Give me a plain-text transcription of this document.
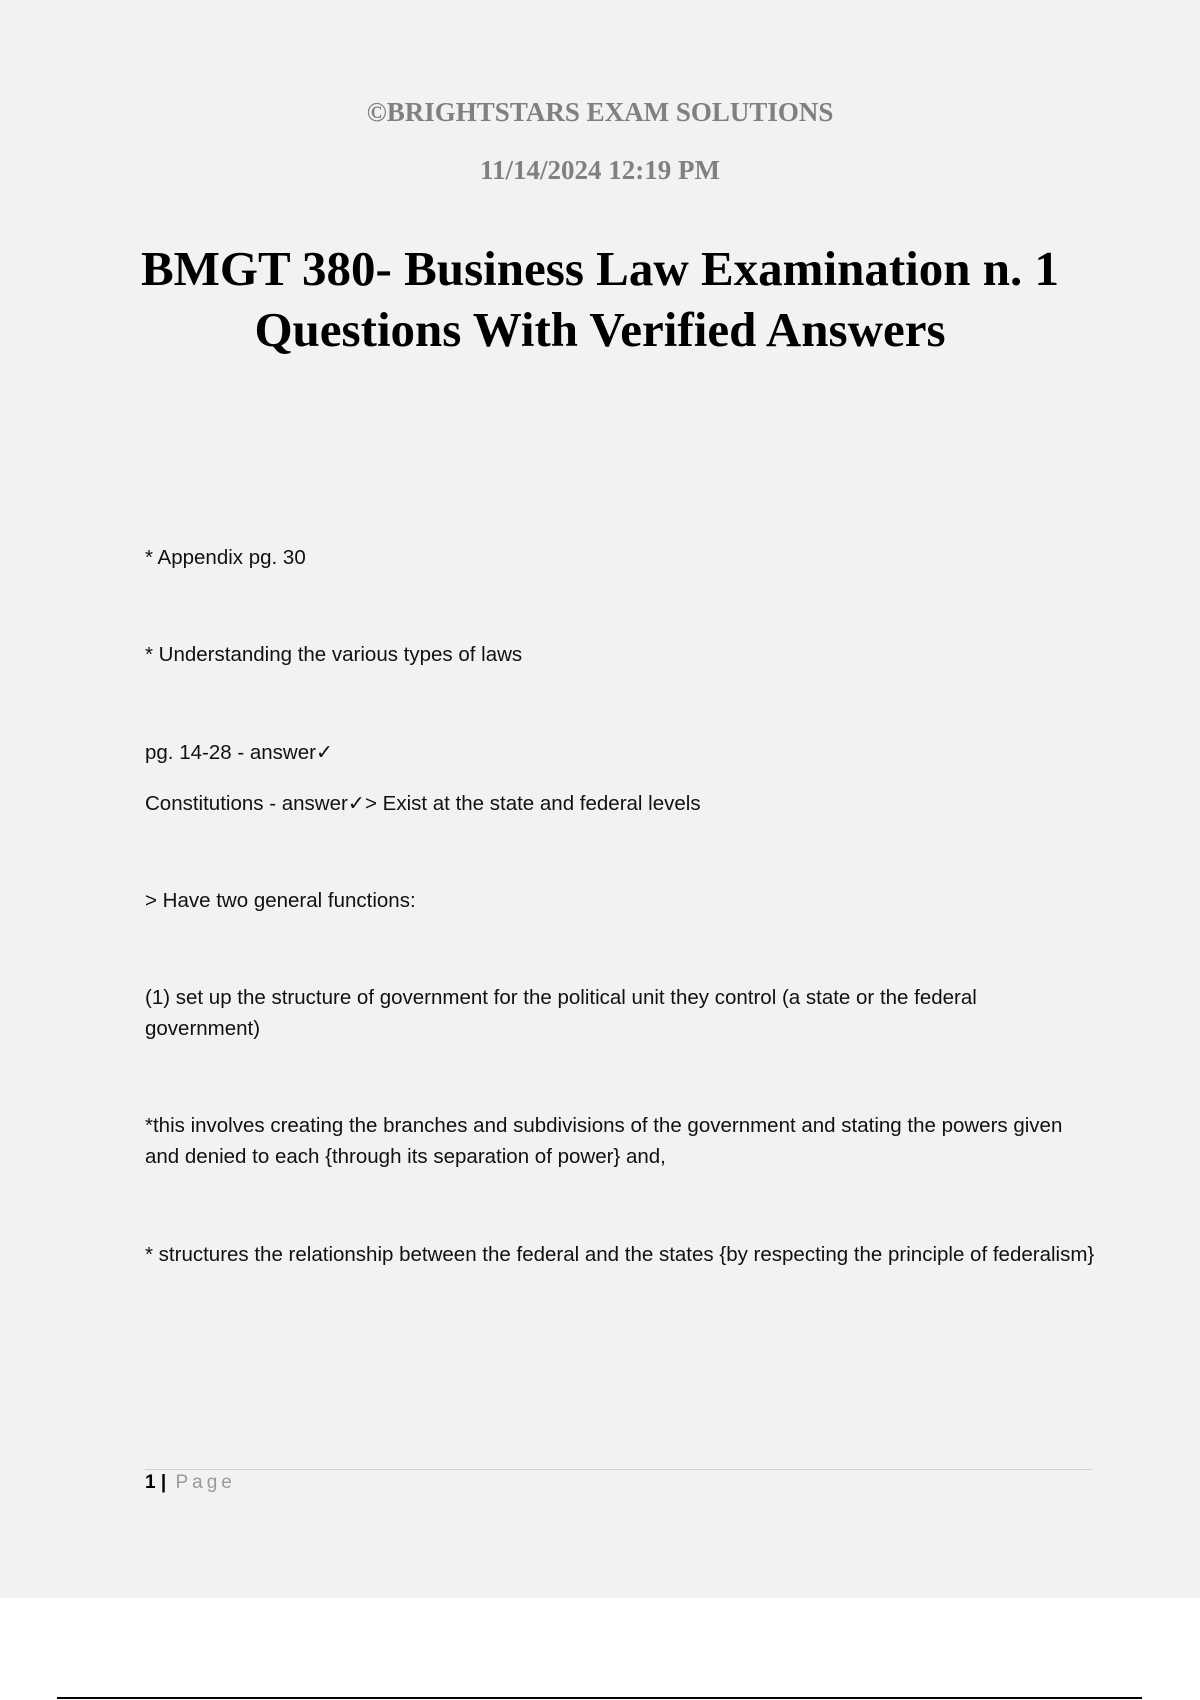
©BRIGHTSTARS EXAM SOLUTIONS

11/14/2024 12:19 PM

BMGT 380- Business Law Examination n. 1 Questions With Verified Answers

* Appendix pg. 30

* Understanding the various types of laws

pg. 14-28 - answer✓

Constitutions - answer✓> Exist at the state and federal levels

> Have two general functions:

(1) set up the structure of government for the political unit they control (a state or the federal government)

*this involves creating the branches and subdivisions of the government and stating the powers given and denied to each {through its separation of power} and,

* structures the relationship between the federal and the states {by respecting the principle of federalism}

1 | Page
